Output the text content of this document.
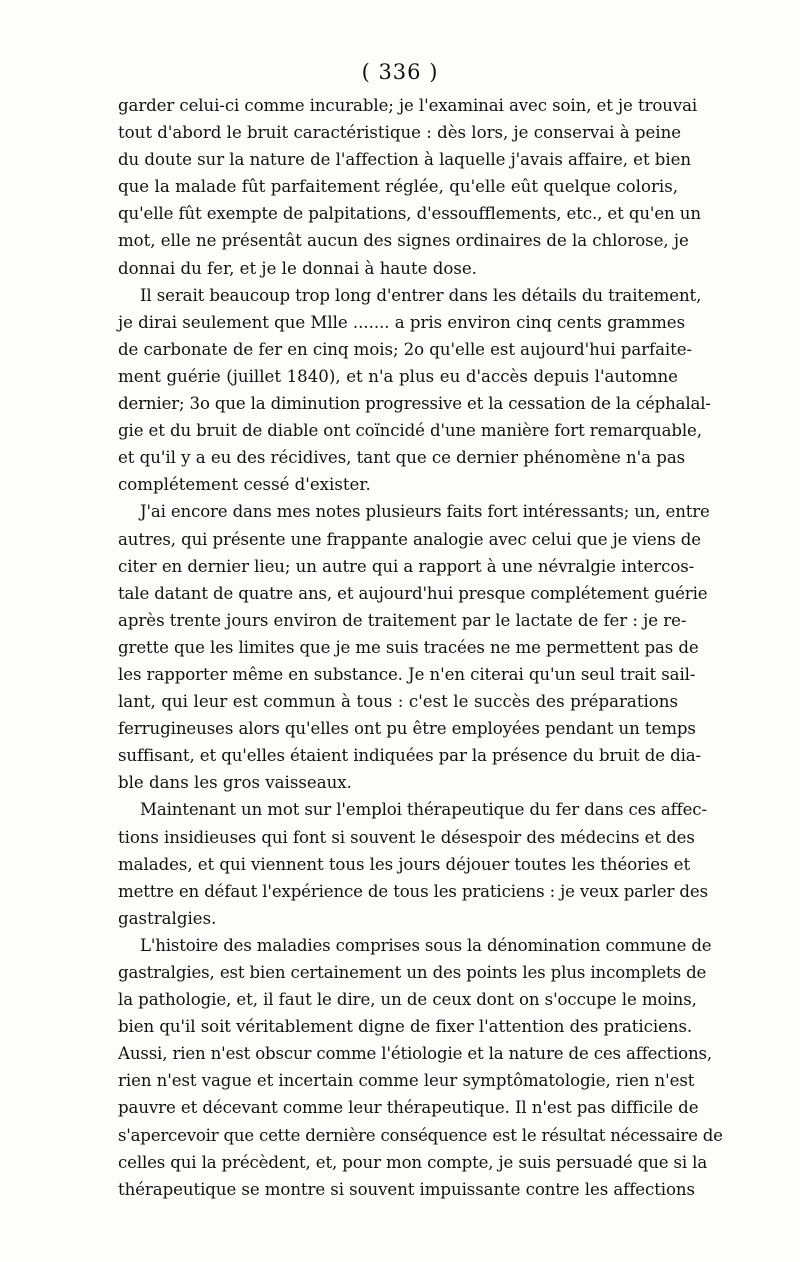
( 336 )
garder celui-ci comme incurable; je l'examinai avec soin, et je trouvai
tout d'abord le bruit caractéristique : dès lors, je conservai à peine
du doute sur la nature de l'affection à laquelle j'avais affaire, et bien
que la malade fût parfaitement réglée, qu'elle eût quelque coloris,
qu'elle fût exempte de palpitations, d'essoufflements, etc., et qu'en un
mot, elle ne présentât aucun des signes ordinaires de la chlorose, je
donnai du fer, et je le donnai à haute dose.
Il serait beaucoup trop long d'entrer dans les détails du traitement,
je dirai seulement que Mlle ....... a pris environ cinq cents grammes
de carbonate de fer en cinq mois; 2o qu'elle est aujourd'hui parfaite-
ment guérie (juillet 1840), et n'a plus eu d'accès depuis l'automne
dernier; 3o que la diminution progressive et la cessation de la céphalal-
gie et du bruit de diable ont coïncidé d'une manière fort remarquable,
et qu'il y a eu des récidives, tant que ce dernier phénomène n'a pas
complétement cessé d'exister.
J'ai encore dans mes notes plusieurs faits fort intéressants; un, entre
autres, qui présente une frappante analogie avec celui que je viens de
citer en dernier lieu; un autre qui a rapport à une névralgie intercos-
tale datant de quatre ans, et aujourd'hui presque complétement guérie
après trente jours environ de traitement par le lactate de fer : je re-
grette que les limites que je me suis tracées ne me permettent pas de
les rapporter même en substance. Je n'en citerai qu'un seul trait sail-
lant, qui leur est commun à tous : c'est le succès des préparations
ferrugineuses alors qu'elles ont pu être employées pendant un temps
suffisant, et qu'elles étaient indiquées par la présence du bruit de dia-
ble dans les gros vaisseaux.
Maintenant un mot sur l'emploi thérapeutique du fer dans ces affec-
tions insidieuses qui font si souvent le désespoir des médecins et des
malades, et qui viennent tous les jours déjouer toutes les théories et
mettre en défaut l'expérience de tous les praticiens : je veux parler des
gastralgies.
L'histoire des maladies comprises sous la dénomination commune de
gastralgies, est bien certainement un des points les plus incomplets de
la pathologie, et, il faut le dire, un de ceux dont on s'occupe le moins,
bien qu'il soit véritablement digne de fixer l'attention des praticiens.
Aussi, rien n'est obscur comme l'étiologie et la nature de ces affections,
rien n'est vague et incertain comme leur symptômatologie, rien n'est
pauvre et décevant comme leur thérapeutique. Il n'est pas difficile de
s'apercevoir que cette dernière conséquence est le résultat nécessaire de
celles qui la précèdent, et, pour mon compte, je suis persuadé que si la
thérapeutique se montre si souvent impuissante contre les affections
